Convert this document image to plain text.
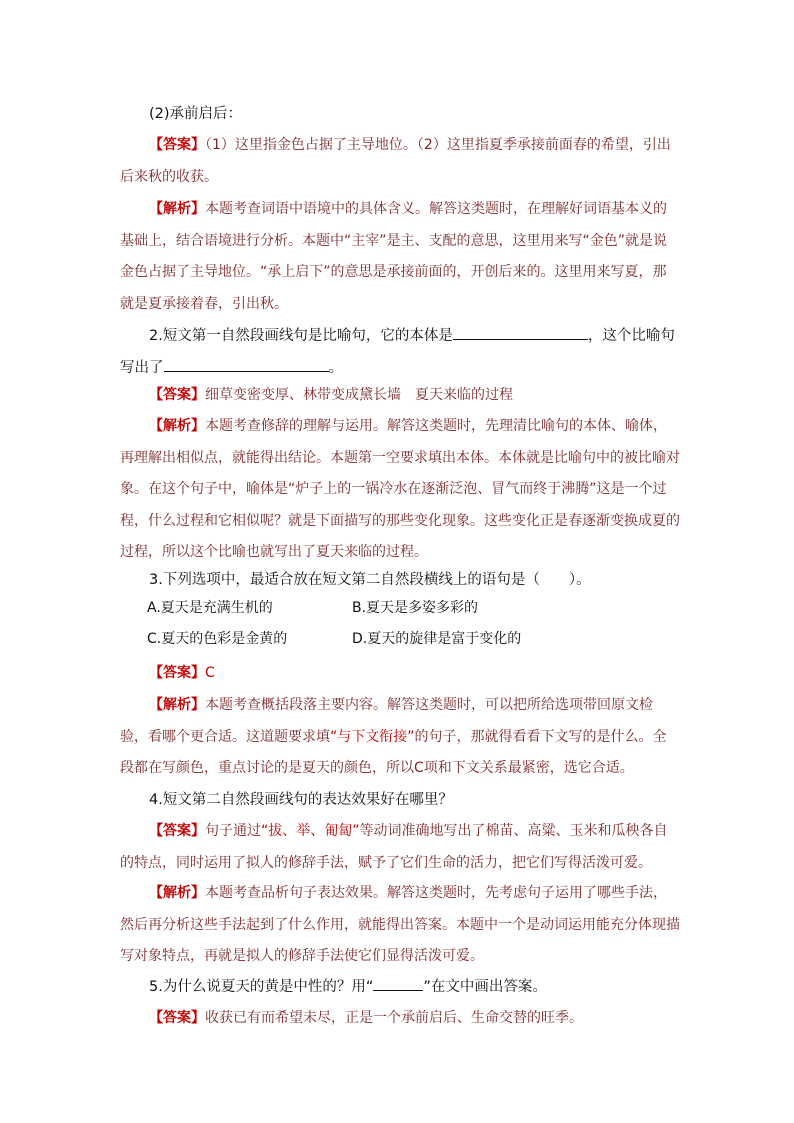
(2)承前启后：
【答案】（1）这里指金色占据了主导地位。（2）这里指夏季承接前面春的希望，引出后来秋的收获。
【解析】本题考查词语中语境中的具体含义。解答这类题时，在理解好词语基本义的基础上，结合语境进行分析。本题中“主宰”是主、支配的意思，这里用来写“金色”就是说金色占据了主导地位。“承上启下”的意思是承接前面的，开创后来的。这里用来写夏，那就是夏承接着春，引出秋。
2.短文第一自然段画线句是比喻句，它的本体是	，这个比喻句写出了	。
【答案】细草变密变厚、林带变成黛长墙　夏天来临的过程
【解析】本题考查修辞的理解与运用。解答这类题时，先理清比喻句的本体、喻体，再理解出相似点，就能得出结论。本题第一空要求填出本体。本体就是比喻句中的被比喻对象。在这个句子中，喻体是“炉子上的一锅冷水在逐渐泛泡、冒气而终于沸腾”这是一个过程，什么过程和它相似呢？就是下面描写的那些变化现象。这些变化正是春逐渐变换成夏的过程，所以这个比喻也就写出了夏天来临的过程。
3.下列选项中，最适合放在短文第二自然段横线上的语句是（　　）。
A.夏天是充满生机的	B.夏天是多姿多彩的
C.夏天的色彩是金黄的	D.夏天的旋律是富于变化的
【答案】C
【解析】本题考查概括段落主要内容。解答这类题时，可以把所给选项带回原文检验，看哪个更合适。这道题要求填“与下文衔接”的句子，那就得看看下文写的是什么。全段都在写颜色，重点讨论的是夏天的颜色，所以C项和下文关系最紧密，选它合适。
4.短文第二自然段画线句的表达效果好在哪里？
【答案】句子通过“拔、举、匍匐”等动词准确地写出了棉苗、高粱、玉米和瓜秧各自的特点，同时运用了拟人的修辞手法，赋予了它们生命的活力，把它们写得活泼可爱。
【解析】本题考查品析句子表达效果。解答这类题时，先考虑句子运用了哪些手法，然后再分析这些手法起到了什么作用，就能得出答案。本题中一个是动词运用能充分体现描写对象特点，再就是拟人的修辞手法使它们显得活泼可爱。
5.为什么说夏天的黄是中性的？用“	”在文中画出答案。
【答案】收获已有而希望未尽，正是一个承前启后、生命交替的旺季。
